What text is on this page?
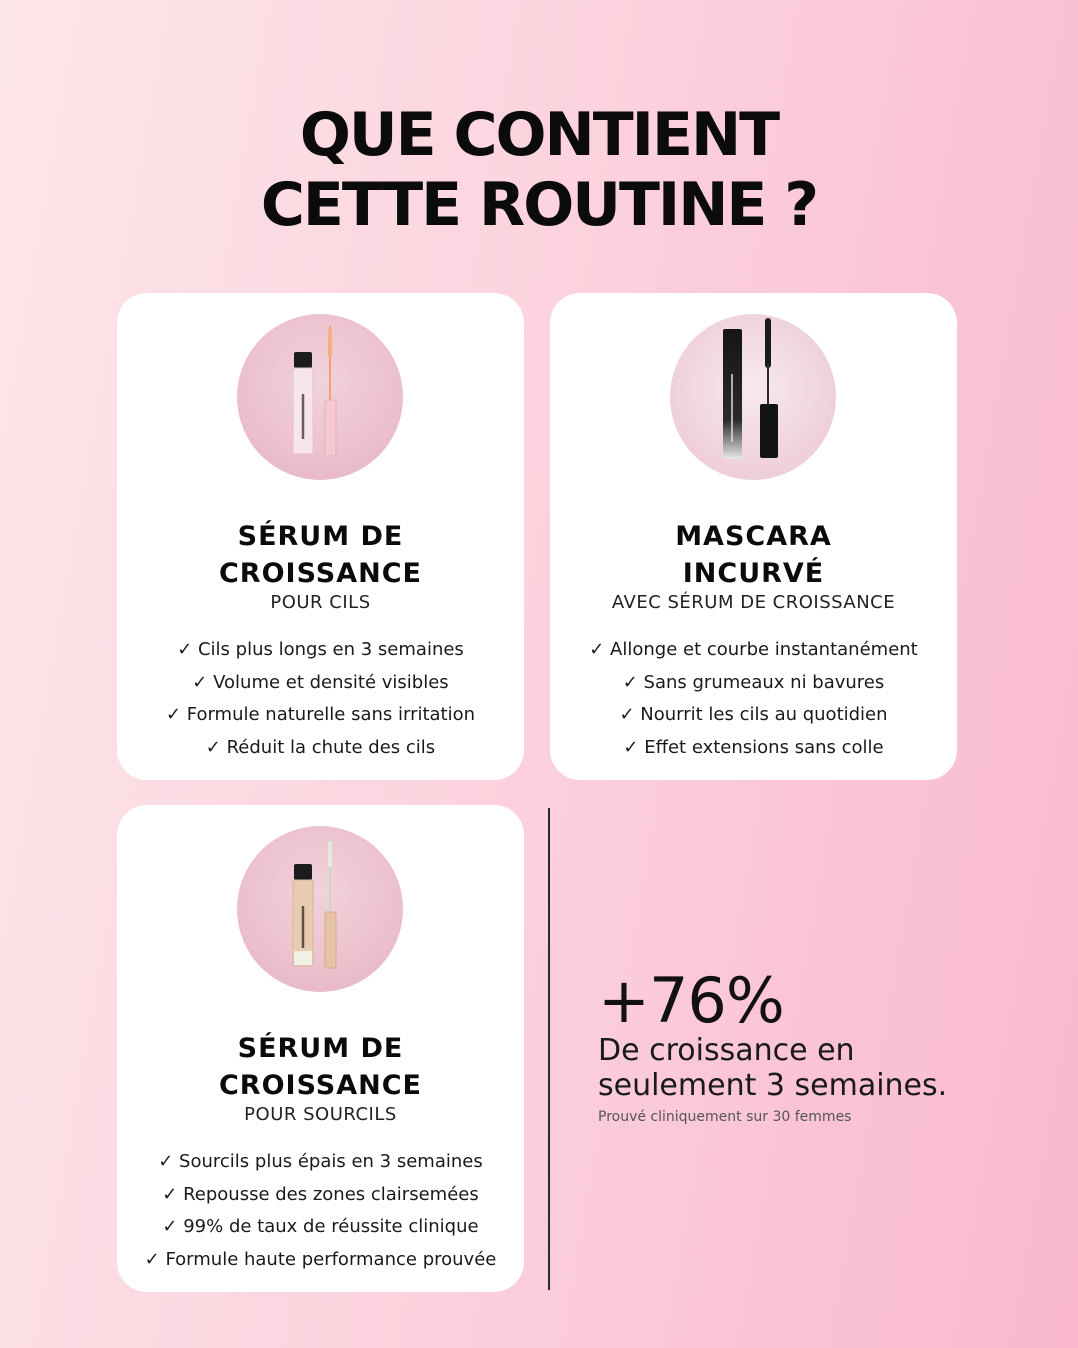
QUE CONTIENT
CETTE ROUTINE ?
SÉRUM DE
CROISSANCE
POUR CILS
✓ Cils plus longs en 3 semaines
✓ Volume et densité visibles
✓ Formule naturelle sans irritation
✓ Réduit la chute des cils
MASCARA
INCURVÉ
AVEC SÉRUM DE CROISSANCE
✓ Allonge et courbe instantanément
✓ Sans grumeaux ni bavures
✓ Nourrit les cils au quotidien
✓ Effet extensions sans colle
SÉRUM DE
CROISSANCE
POUR SOURCILS
✓ Sourcils plus épais en 3 semaines
✓ Repousse des zones clairsemées
✓ 99% de taux de réussite clinique
✓ Formule haute performance prouvée
+76%
De croissance en
seulement 3 semaines.
Prouvé cliniquement sur 30 femmes
